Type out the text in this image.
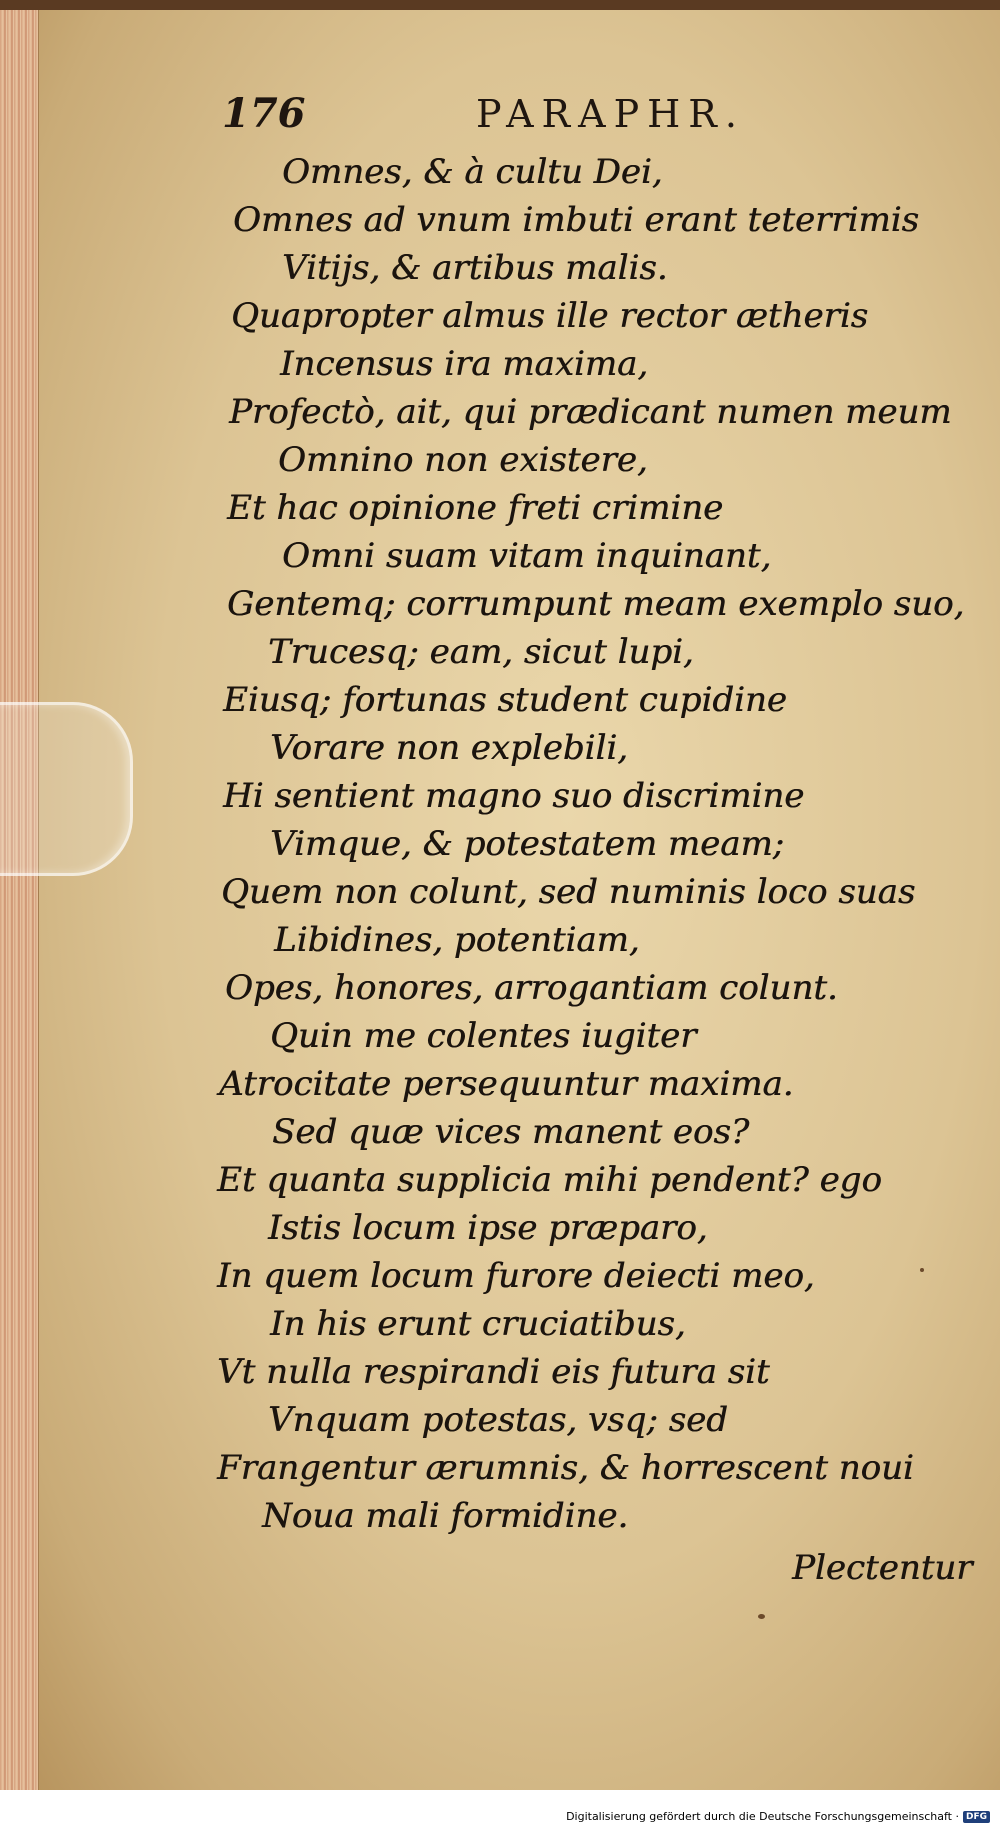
176	PARAPHR.
Omnes, & à cultu Dei,
Omnes ad vnum imbuti erant teterrimis
Vitijs, & artibus malis.
Quapropter almus ille rector ætheris
Incensus ira maxima,
Profectò, ait, qui prædicant numen meum
Omnino non existere,
Et hac opinione freti crimine
Omni suam vitam inquinant,
Gentemq; corrumpunt meam exemplo suo,
Trucesq; eam, sicut lupi,
Eiusq; fortunas student cupidine
Vorare non explebili,
Hi sentient magno suo discrimine
Vimque, & potestatem meam;
Quem non colunt, sed numinis loco suas
Libidines, potentiam,
Opes, honores, arrogantiam colunt.
Quin me colentes iugiter
Atrocitate persequuntur maxima.
Sed quæ vices manent eos?
Et quanta supplicia mihi pendent? ego
Istis locum ipse præparo,
In quem locum furore deiecti meo,
In his erunt cruciatibus,
Vt nulla respirandi eis futura sit
Vnquam potestas, vsq; sed
Frangentur ærumnis, & horrescent noui
Noua mali formidine.
Plectentur
Digitalisierung gefördert durch die Deutsche Forschungsgemeinschaft · DFG
